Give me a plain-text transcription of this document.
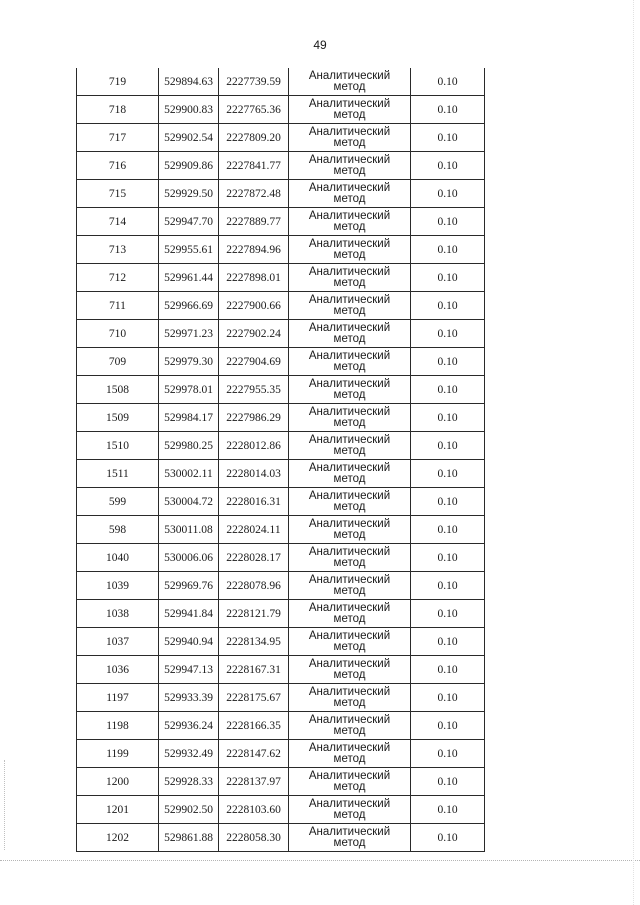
49
719	529894.63	2227739.59	Аналитический
метод	0.10
718	529900.83	2227765.36	Аналитический
метод	0.10
717	529902.54	2227809.20	Аналитический
метод	0.10
716	529909.86	2227841.77	Аналитический
метод	0.10
715	529929.50	2227872.48	Аналитический
метод	0.10
714	529947.70	2227889.77	Аналитический
метод	0.10
713	529955.61	2227894.96	Аналитический
метод	0.10
712	529961.44	2227898.01	Аналитический
метод	0.10
711	529966.69	2227900.66	Аналитический
метод	0.10
710	529971.23	2227902.24	Аналитический
метод	0.10
709	529979.30	2227904.69	Аналитический
метод	0.10
1508	529978.01	2227955.35	Аналитический
метод	0.10
1509	529984.17	2227986.29	Аналитический
метод	0.10
1510	529980.25	2228012.86	Аналитический
метод	0.10
1511	530002.11	2228014.03	Аналитический
метод	0.10
599	530004.72	2228016.31	Аналитический
метод	0.10
598	530011.08	2228024.11	Аналитический
метод	0.10
1040	530006.06	2228028.17	Аналитический
метод	0.10
1039	529969.76	2228078.96	Аналитический
метод	0.10
1038	529941.84	2228121.79	Аналитический
метод	0.10
1037	529940.94	2228134.95	Аналитический
метод	0.10
1036	529947.13	2228167.31	Аналитический
метод	0.10
1197	529933.39	2228175.67	Аналитический
метод	0.10
1198	529936.24	2228166.35	Аналитический
метод	0.10
1199	529932.49	2228147.62	Аналитический
метод	0.10
1200	529928.33	2228137.97	Аналитический
метод	0.10
1201	529902.50	2228103.60	Аналитический
метод	0.10
1202	529861.88	2228058.30	Аналитический
метод	0.10
